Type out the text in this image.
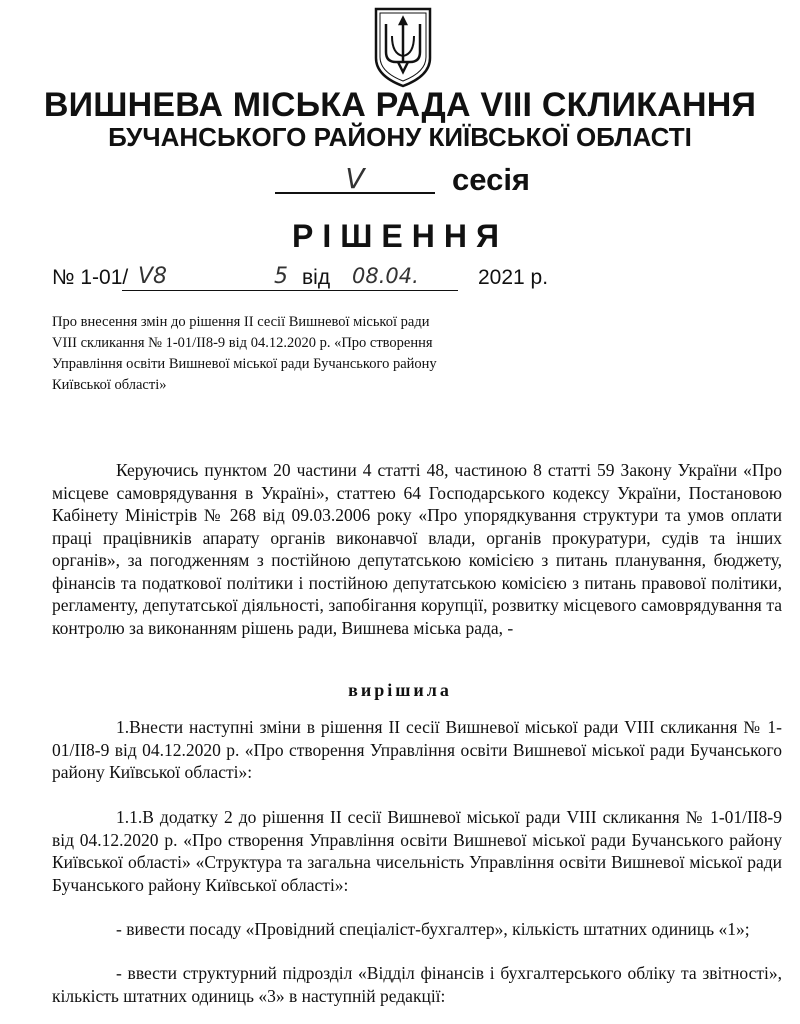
ВИШНЕВА МІСЬКА РАДА VIII СКЛИКАННЯ
БУЧАНСЬКОГО РАЙОНУ КИЇВСЬКОЇ ОБЛАСТІ
V	сесія
РІШЕННЯ
№ 1-01/ V8	5 від 08.04.	2021 р.
Про внесення змін до рішення ІІ сесії Вишневої міської ради
VIII скликання № 1-01/ІІ8-9 від 04.12.2020 р. «Про створення
Управління освіти Вишневої міської ради Бучанського району
Київської області»
Керуючись пунктом 20 частини 4 статті 48, частиною 8 статті 59 Закону України «Про місцеве самоврядування в Україні», статтею 64 Господарського кодексу України, Постановою Кабінету Міністрів № 268 від 09.03.2006 року «Про упорядкування структури та умов оплати праці працівників апарату органів виконавчої влади, органів прокуратури, судів та інших органів», за погодженням з постійною депутатською комісією з питань планування, бюджету, фінансів та податкової політики і постійною депутатською комісією з питань правової політики, регламенту, депутатської діяльності, запобігання корупції, розвитку місцевого самоврядування та контролю за виконанням рішень ради, Вишнева міська рада, -
вирішила
1.Внести наступні зміни в рішення ІІ сесії Вишневої міської ради VIII скликання № 1-01/ІІ8-9 від 04.12.2020 р. «Про створення Управління освіти Вишневої міської ради Бучанського району Київської області»:
1.1.В додатку 2 до рішення ІІ сесії Вишневої міської ради VIII скликання № 1-01/ІІ8-9 від 04.12.2020 р. «Про створення Управління освіти Вишневої міської ради Бучанського району Київської області» «Структура та загальна чисельність Управління освіти Вишневої міської ради Бучанського району Київської області»:
- вивести посаду «Провідний спеціаліст-бухгалтер», кількість штатних одиниць «1»;
- ввести структурний підрозділ «Відділ фінансів і бухгалтерського обліку та звітності», кількість штатних одиниць «3» в наступній редакції:
